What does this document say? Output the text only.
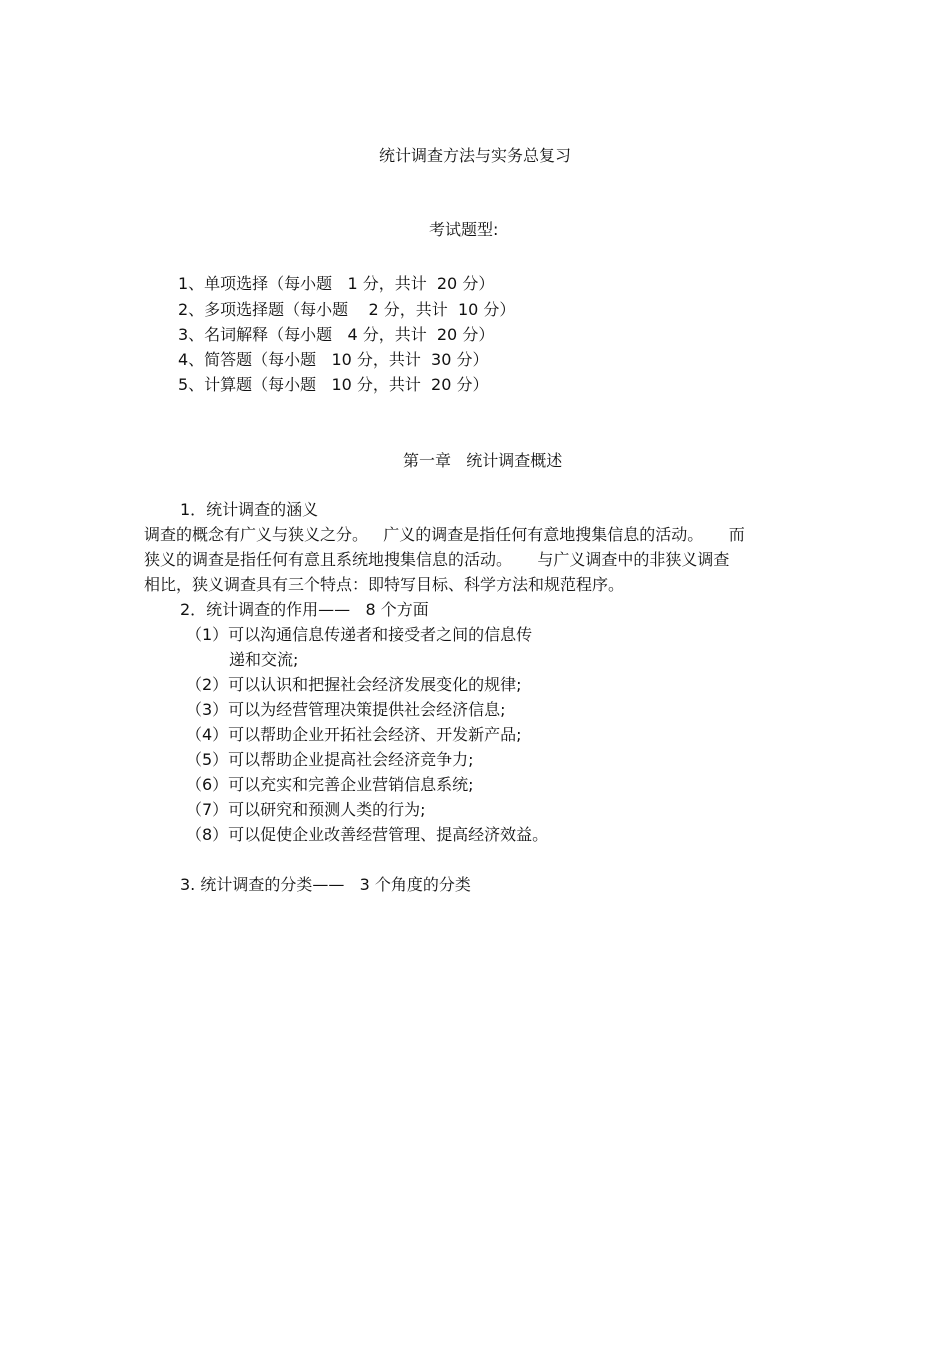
统计调查方法与实务总复习
考试题型:
1、单项选择（每小题   1 分，共计  20 分）
2、多项选择题（每小题    2 分，共计  10 分）
3、名词解释（每小题   4 分，共计  20 分）
4、简答题（每小题   10 分，共计  30 分）
5、计算题（每小题   10 分，共计  20 分）
第一章   统计调查概述
1．统计调查的涵义
调查的概念有广义与狭义之分。   广义的调查是指任何有意地搜集信息的活动。     而
狭义的调查是指任何有意且系统地搜集信息的活动。     与广义调查中的非狭义调查
相比，狭义调查具有三个特点：即特写目标、科学方法和规范程序。
2．统计调查的作用——   8 个方面
（1）可以沟通信息传递者和接受者之间的信息传
递和交流;
（2）可以认识和把握社会经济发展变化的规律;
（3）可以为经营管理决策提供社会经济信息;
（4）可以帮助企业开拓社会经济、开发新产品;
（5）可以帮助企业提高社会经济竞争力;
（6）可以充实和完善企业营销信息系统;
（7）可以研究和预测人类的行为;
（8）可以促使企业改善经营管理、提高经济效益。
3. 统计调查的分类——   3 个角度的分类
